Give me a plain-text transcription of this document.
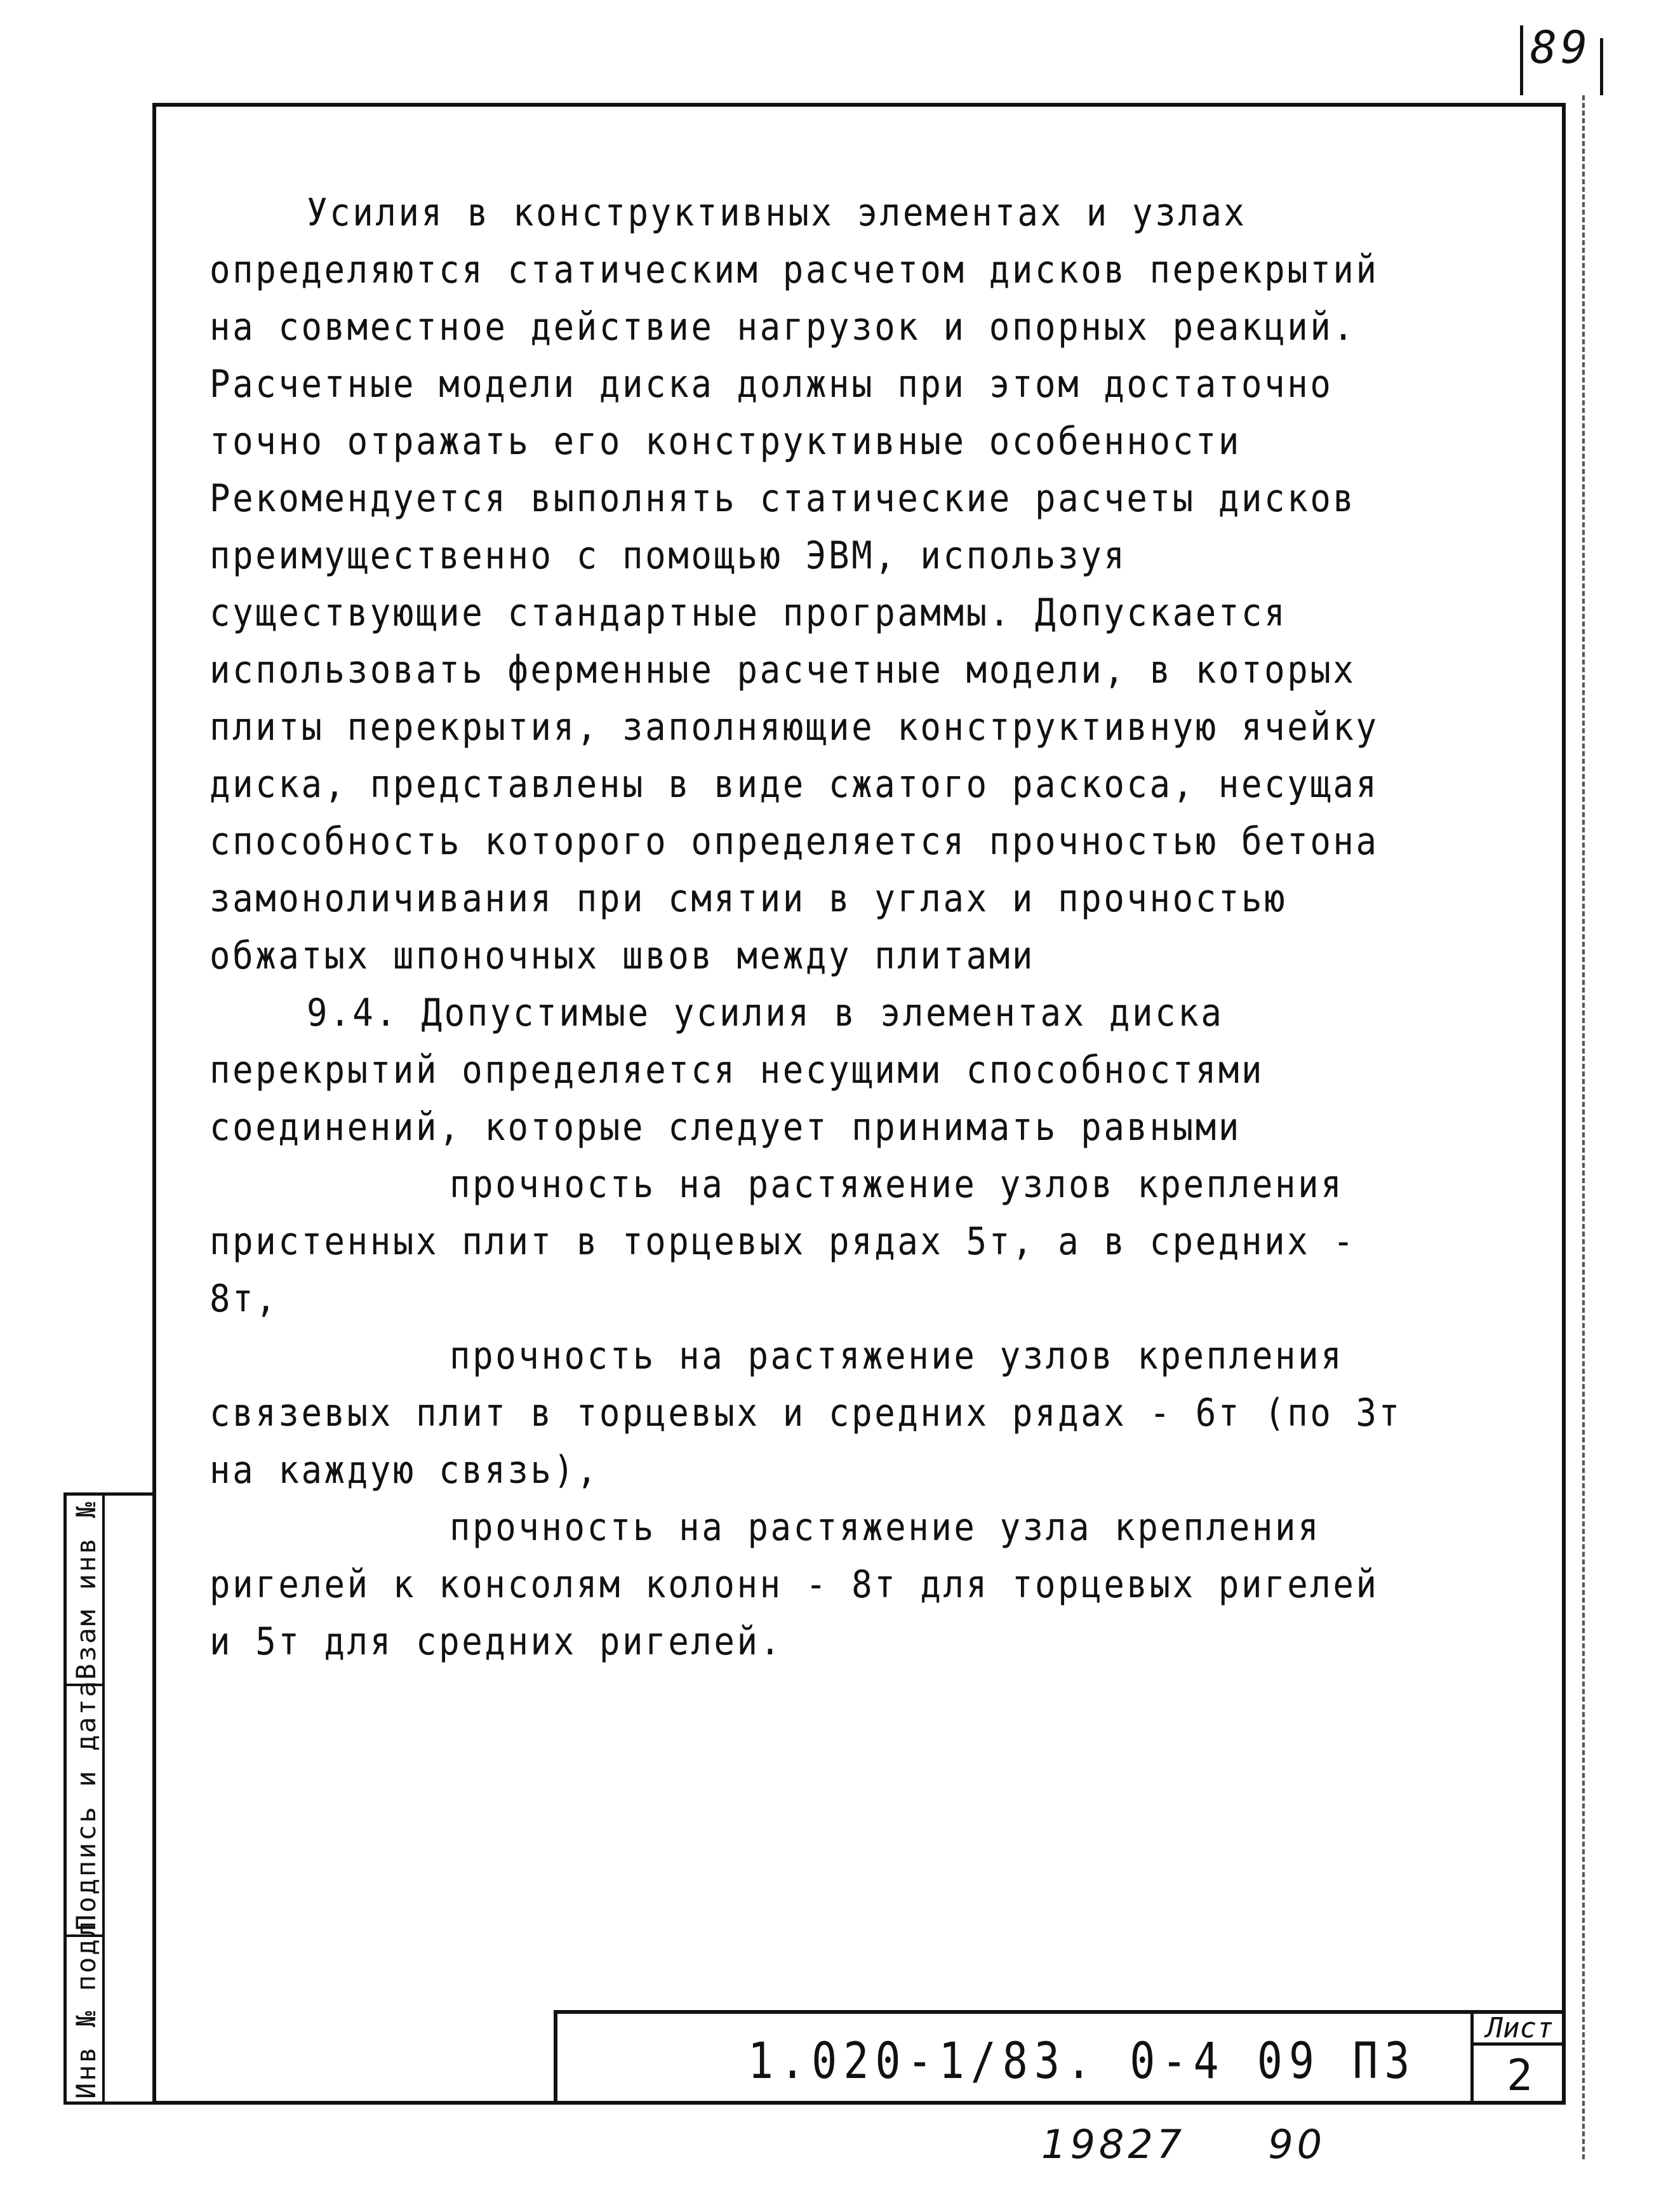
89

Усилия в конструктивных элементах и узлах определяются статическим расчетом дисков перекрытий на совместное действие нагрузок и опорных реакций. Расчетные модели диска должны при этом достаточно точно отражать его конструктивные особенности Рекомендуется выполнять статические расчеты дисков преимущественно с помощью ЭВМ, используя существующие стандартные программы. Допускается использовать ферменные расчетные модели, в которых плиты перекрытия, заполняющие конструктивную ячейку диска, представлены в виде сжатого раскоса, несущая способность которого определяется прочностью бетона замоноличивания при смятии в углах и прочностью обжатых шпоночных швов между плитами

9.4. Допустимые усилия в элементах диска перекрытий определяется несущими способностями соединений, которые следует принимать равными

прочность на растяжение узлов крепления пристенных плит в торцевых рядах 5т, а в средних - 8т,

прочность на растяжение узлов крепления связевых плит в торцевых и средних рядах - 6т (по 3т на каждую связь),

прочность на растяжение узла крепления ригелей к консолям колонн - 8т для торцевых ригелей и 5т для средних ригелей.

Взам инв №
Подпись и дата
Инв № подл	1.020-1/83. 0-4 09 ПЗ
Лист
2
19827 90
